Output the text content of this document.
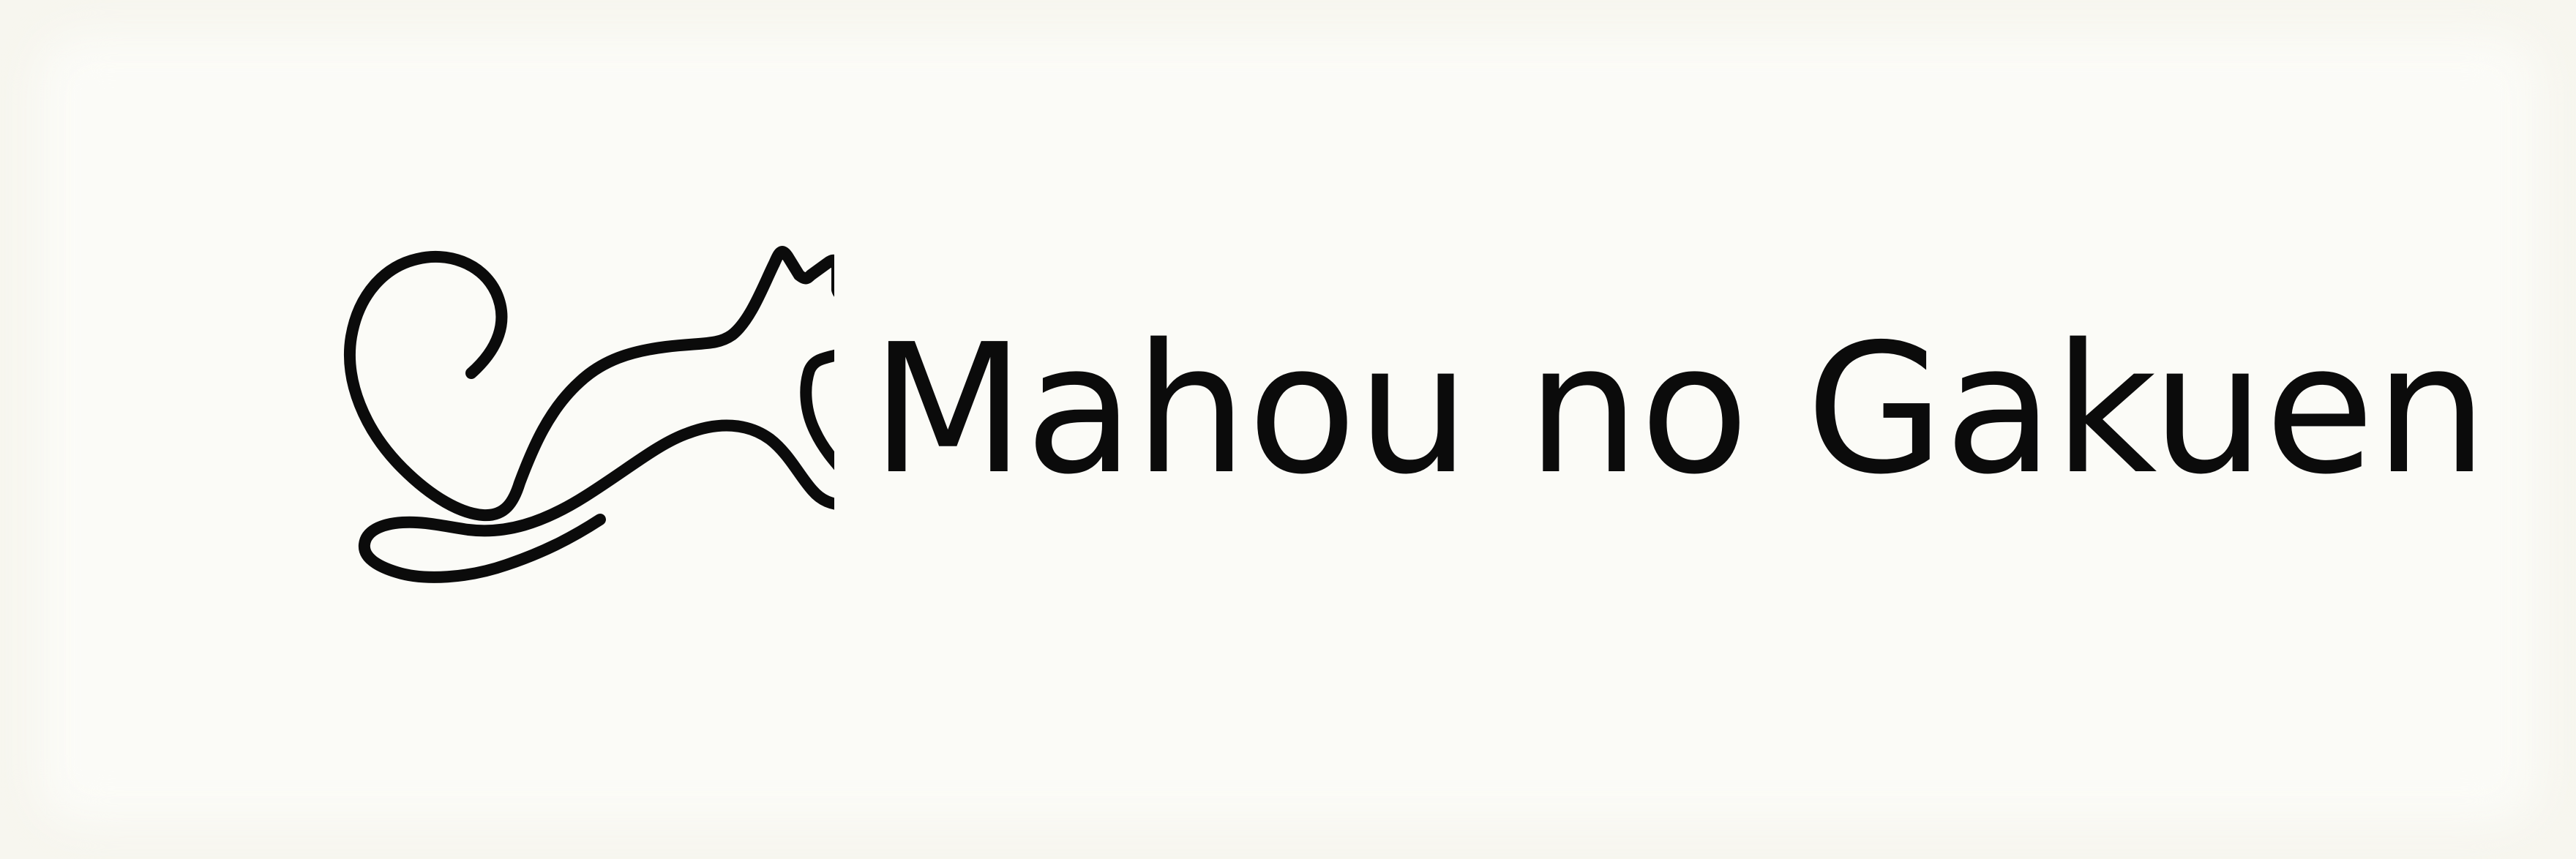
Mahou no Gakuen
